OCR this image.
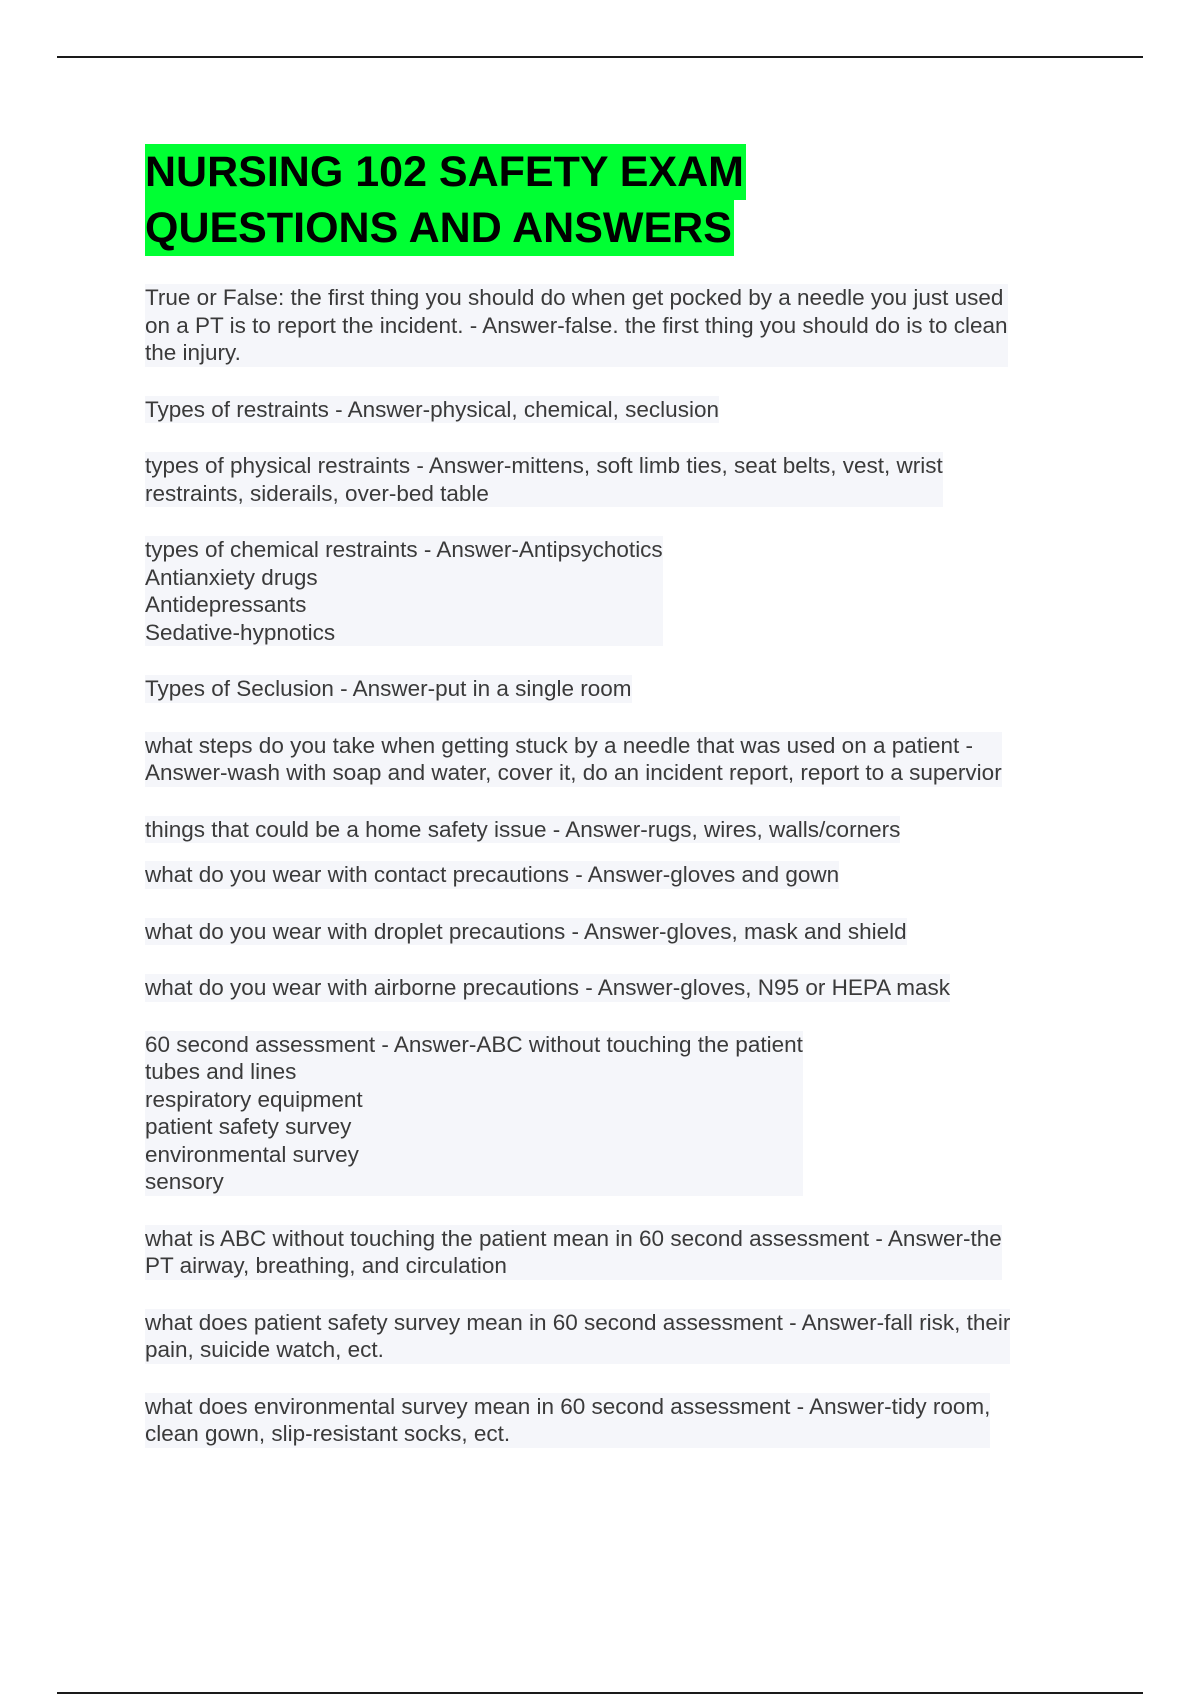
NURSING 102 SAFETY EXAM
QUESTIONS AND ANSWERS

True or False: the first thing you should do when get pocked by a needle you just used
on a PT is to report the incident. - Answer-false. the first thing you should do is to clean
the injury.

Types of restraints - Answer-physical, chemical, seclusion

types of physical restraints - Answer-mittens, soft limb ties, seat belts, vest, wrist
restraints, siderails, over-bed table

types of chemical restraints - Answer-Antipsychotics
Antianxiety drugs
Antidepressants
Sedative-hypnotics

Types of Seclusion - Answer-put in a single room

what steps do you take when getting stuck by a needle that was used on a patient -
Answer-wash with soap and water, cover it, do an incident report, report to a supervior

things that could be a home safety issue - Answer-rugs, wires, walls/corners

what do you wear with contact precautions - Answer-gloves and gown

what do you wear with droplet precautions - Answer-gloves, mask and shield

what do you wear with airborne precautions - Answer-gloves, N95 or HEPA mask

60 second assessment - Answer-ABC without touching the patient
tubes and lines
respiratory equipment
patient safety survey
environmental survey
sensory

what is ABC without touching the patient mean in 60 second assessment - Answer-the
PT airway, breathing, and circulation

what does patient safety survey mean in 60 second assessment - Answer-fall risk, their
pain, suicide watch, ect.

what does environmental survey mean in 60 second assessment - Answer-tidy room,
clean gown, slip-resistant socks, ect.
